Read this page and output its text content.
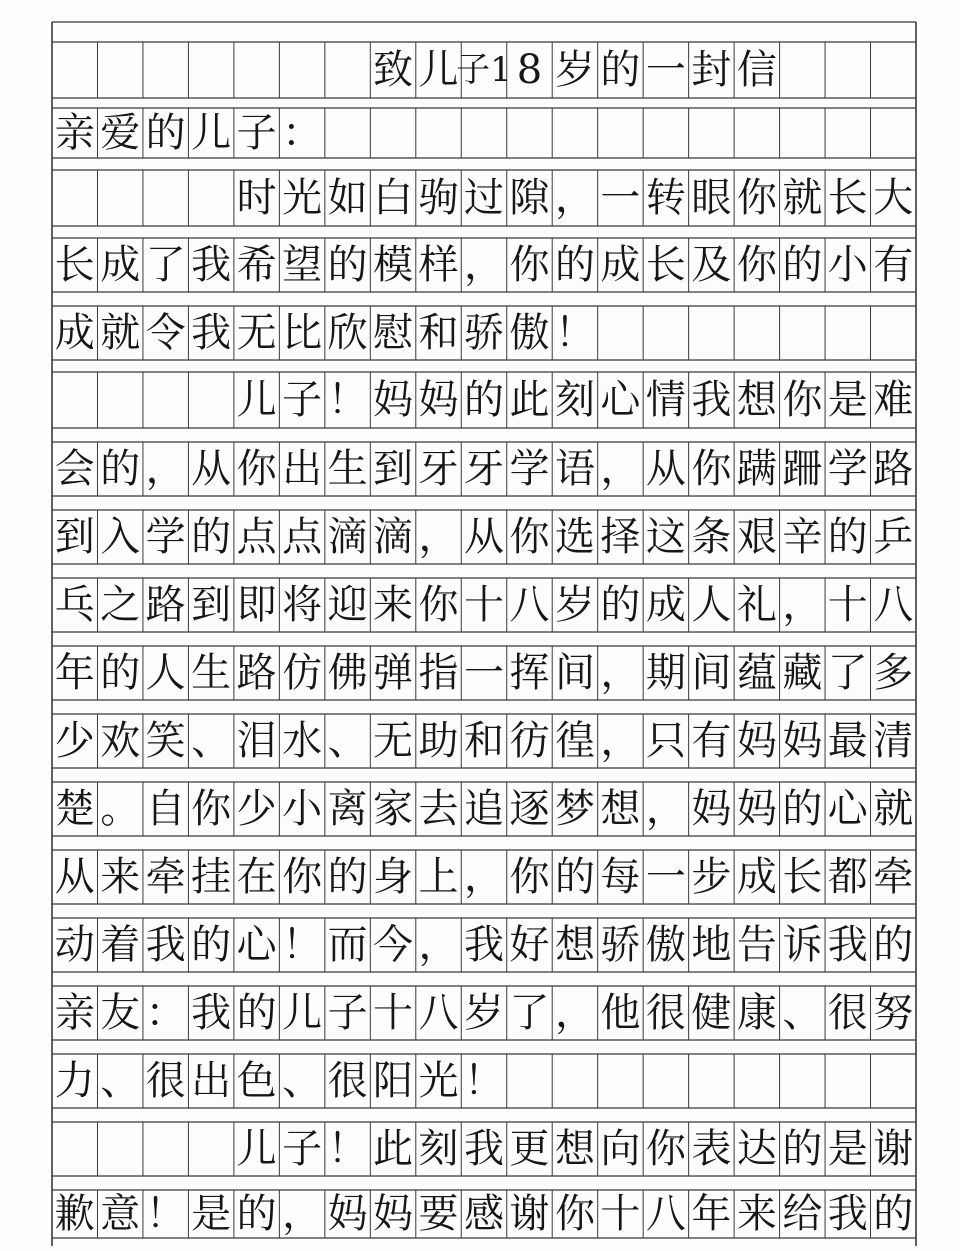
致 儿
子1 8 岁 的 一 封 信
亲 爱 的 儿 子 ：
时 光 如 白 驹 过 隙 ， 一 转 眼 你 就 长 大
长 成 了 我 希 望 的 模 样 ， 你 的 成 长 及 你 的 小 有
成 就 令 我 无 比 欣 慰 和 骄 傲 ！
儿 子 ！ 妈 妈 的 此 刻 心 情 我 想 你 是 难
会 的 ， 从 你 出 生 到 牙 牙 学 语 ， 从 你 蹒 跚 学 路
到 入 学 的 点 点 滴 滴 ， 从 你 选 择 这 条 艰 辛 的 乒
乓 之 路 到 即 将 迎 来 你 十 八 岁 的 成 人 礼 ， 十 八
年 的 人 生 路 仿 佛 弹 指 一 挥 间 ， 期 间 蕴 藏 了 多
少 欢 笑 、 泪 水 、 无 助 和 彷 徨 ， 只 有 妈 妈 最 清
楚 。 自 你 少 小 离 家 去 追 逐 梦 想 ， 妈 妈 的 心 就
从 来 牵 挂 在 你 的 身 上 ， 你 的 每 一 步 成 长 都 牵
动 着 我 的 心 ！ 而 今 ， 我 好 想 骄 傲 地 告 诉 我 的
亲 友 ： 我 的 儿 子 十 八 岁 了 ， 他 很 健 康 、 很 努
力 、 很 出 色 、 很 阳 光 ！
儿 子 ！ 此 刻 我 更 想 向 你 表 达 的 是 谢
歉 意 ！ 是 的 ， 妈 妈 要 感 谢 你 十 八 年 来 给 我 的
